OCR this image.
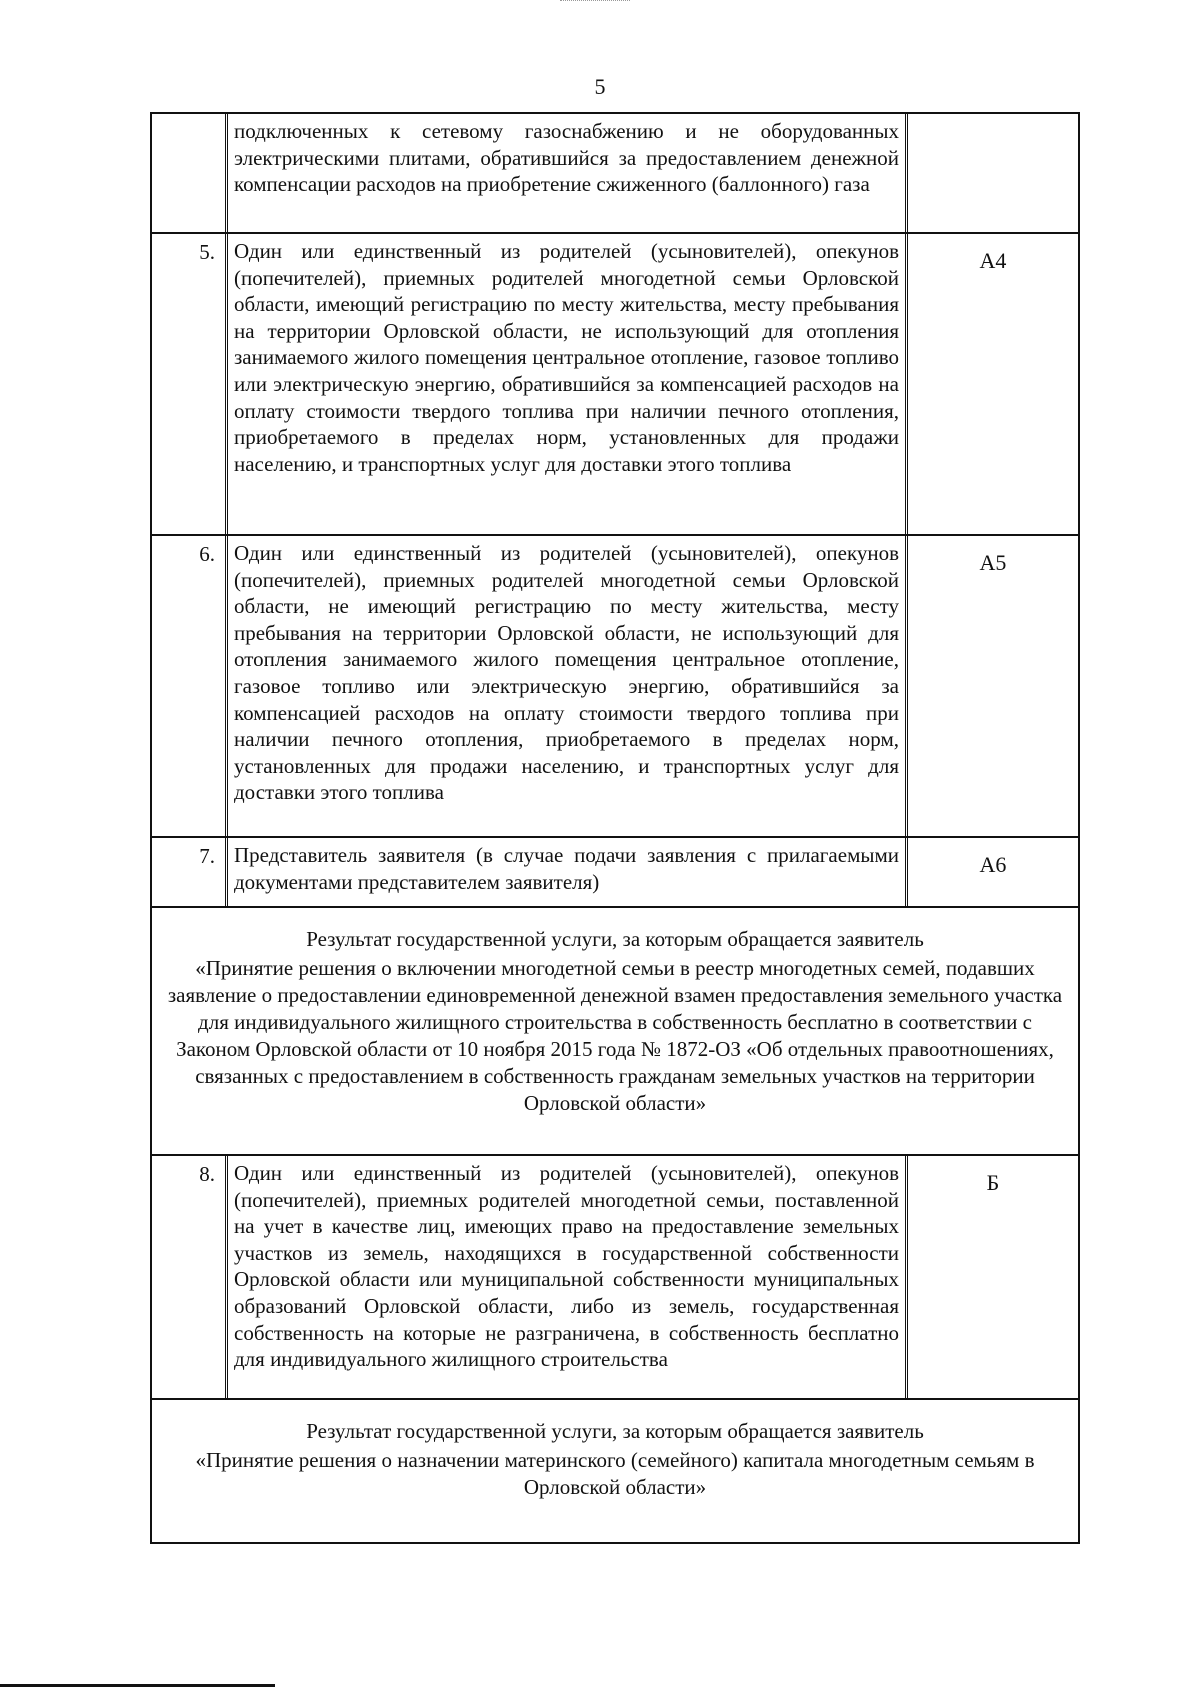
5
подключенных к сетевому газоснабжению и не оборудованных электрическими плитами, обратившийся за предоставлением денежной компенсации расходов на приобретение сжиженного (баллонного) газа
5. Один или единственный из родителей (усыновителей), опекунов (попечителей), приемных родителей многодетной семьи Орловской области, имеющий регистрацию по месту жительства, месту пребывания на территории Орловской области, не использующий для отопления занимаемого жилого помещения центральное отопление, газовое топливо или электрическую энергию, обратившийся за компенсацией расходов на оплату стоимости твердого топлива при наличии печного отопления, приобретаемого в пределах норм, установленных для продажи населению, и транспортных услуг для доставки этого топлива
А4
6. Один или единственный из родителей (усыновителей), опекунов (попечителей), приемных родителей многодетной семьи Орловской области, не имеющий регистрацию по месту жительства, месту пребывания на территории Орловской области, не использующий для отопления занимаемого жилого помещения центральное отопление, газовое топливо или электрическую энергию, обратившийся за компенсацией расходов на оплату стоимости твердого топлива при наличии печного отопления, приобретаемого в пределах норм, установленных для продажи населению, и транспортных услуг для доставки этого топлива
А5
7. Представитель заявителя (в случае подачи заявления с прилагаемыми документами представителем заявителя)
А6
Результат государственной услуги, за которым обращается заявитель
«Принятие решения о включении многодетной семьи в реестр многодетных семей, подавших заявление о предоставлении единовременной денежной взамен предоставления земельного участка для индивидуального жилищного строительства в собственность бесплатно в соответствии с Законом Орловской области от 10 ноября 2015 года № 1872-ОЗ «Об отдельных правоотношениях, связанных с предоставлением в собственность гражданам земельных участков на территории Орловской области»
8. Один или единственный из родителей (усыновителей), опекунов (попечителей), приемных родителей многодетной семьи, поставленной на учет в качестве лиц, имеющих право на предоставление земельных участков из земель, находящихся в государственной собственности Орловской области или муниципальной собственности муниципальных образований Орловской области, либо из земель, государственная собственность на которые не разграничена, в собственность бесплатно для индивидуального жилищного строительства
Б
Результат государственной услуги, за которым обращается заявитель
«Принятие решения о назначении материнского (семейного) капитала многодетным семьям в Орловской области»
